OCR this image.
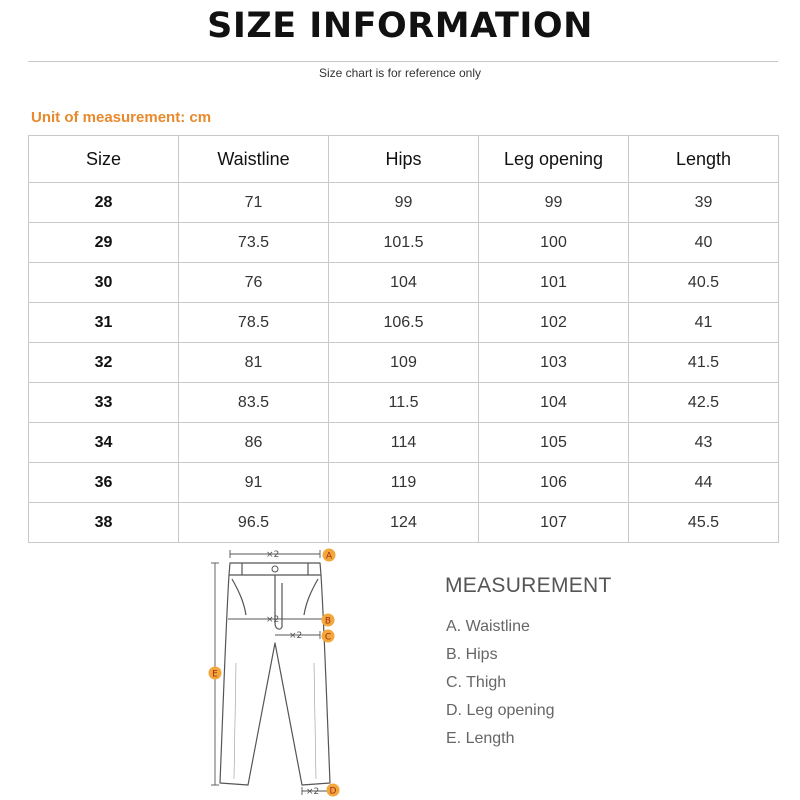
SIZE INFORMATION
Size chart is for reference only
Unit of measurement: cm
Size	Waistline	Hips	Leg opening	Length
28	71	99	99	39
29	73.5	101.5	100	40
30	76	104	101	40.5
31	78.5	106.5	102	41
32	81	109	103	41.5
33	83.5	11.5	104	42.5
34	86	114	105	43
36	91	119	106	44
38	96.5	124	107	45.5
×2
×2
×2
×2
A
B
C
D
E
MEASUREMENT
A. Waistline
B. Hips
C. Thigh
D. Leg opening
E. Length
